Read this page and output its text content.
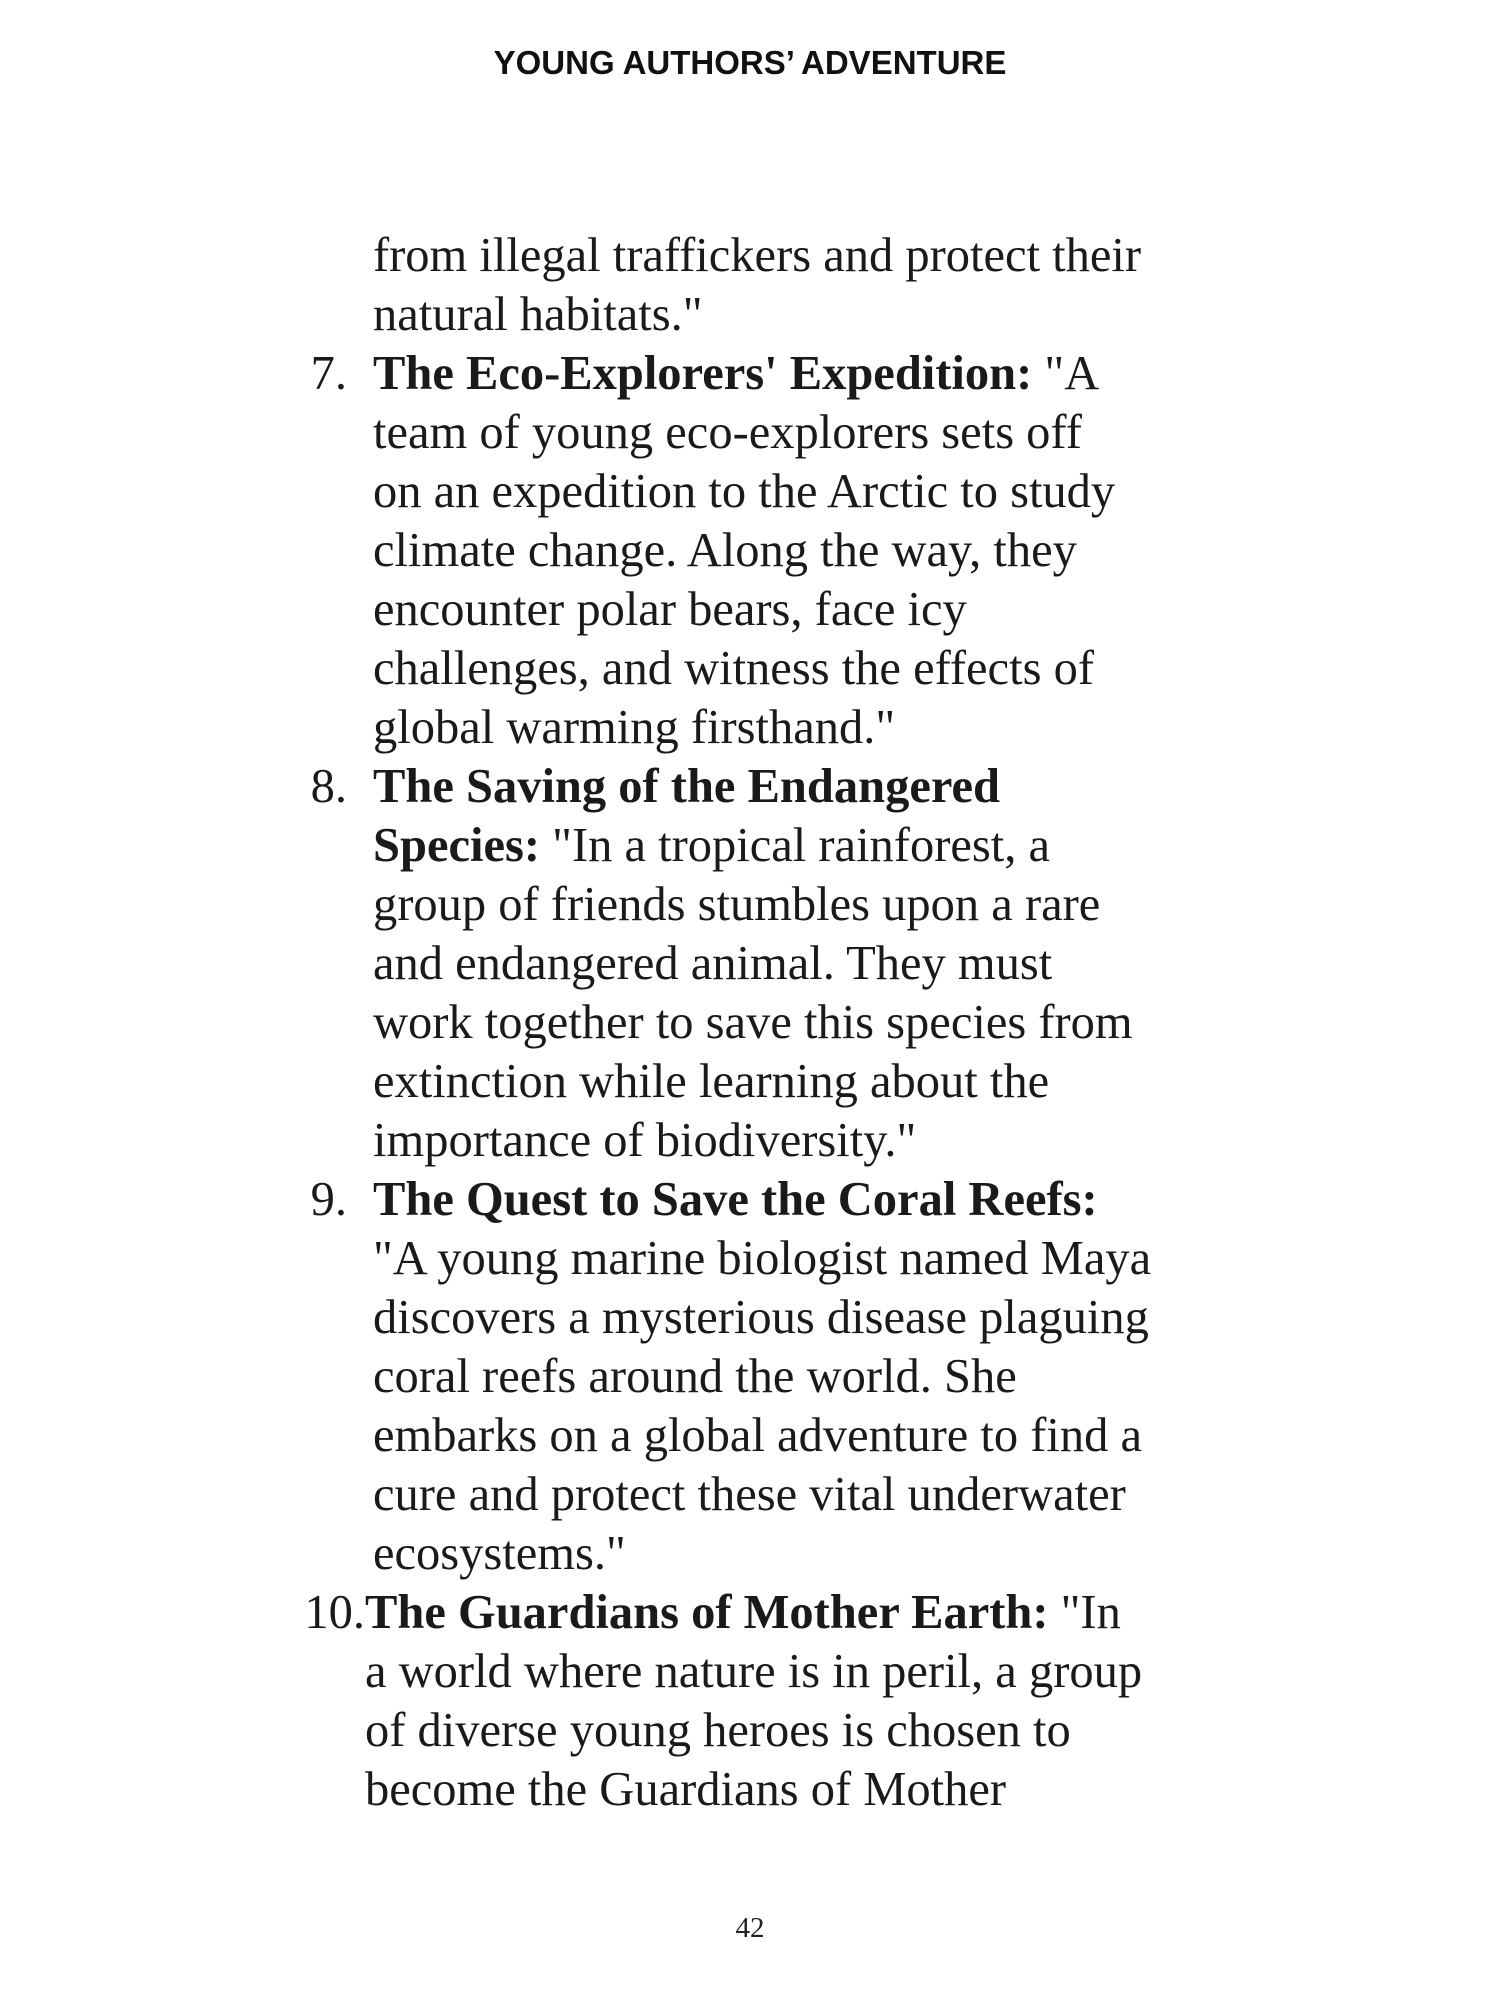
YOUNG AUTHORS’ ADVENTURE
from illegal traffickers and protect their
natural habitats."
7. The Eco-Explorers' Expedition: "A
team of young eco-explorers sets off
on an expedition to the Arctic to study
climate change. Along the way, they
encounter polar bears, face icy
challenges, and witness the effects of
global warming firsthand."
8. The Saving of the Endangered
Species: "In a tropical rainforest, a
group of friends stumbles upon a rare
and endangered animal. They must
work together to save this species from
extinction while learning about the
importance of biodiversity."
9. The Quest to Save the Coral Reefs:
"A young marine biologist named Maya
discovers a mysterious disease plaguing
coral reefs around the world. She
embarks on a global adventure to find a
cure and protect these vital underwater
ecosystems."
10. The Guardians of Mother Earth: "In
a world where nature is in peril, a group
of diverse young heroes is chosen to
become the Guardians of Mother
42
